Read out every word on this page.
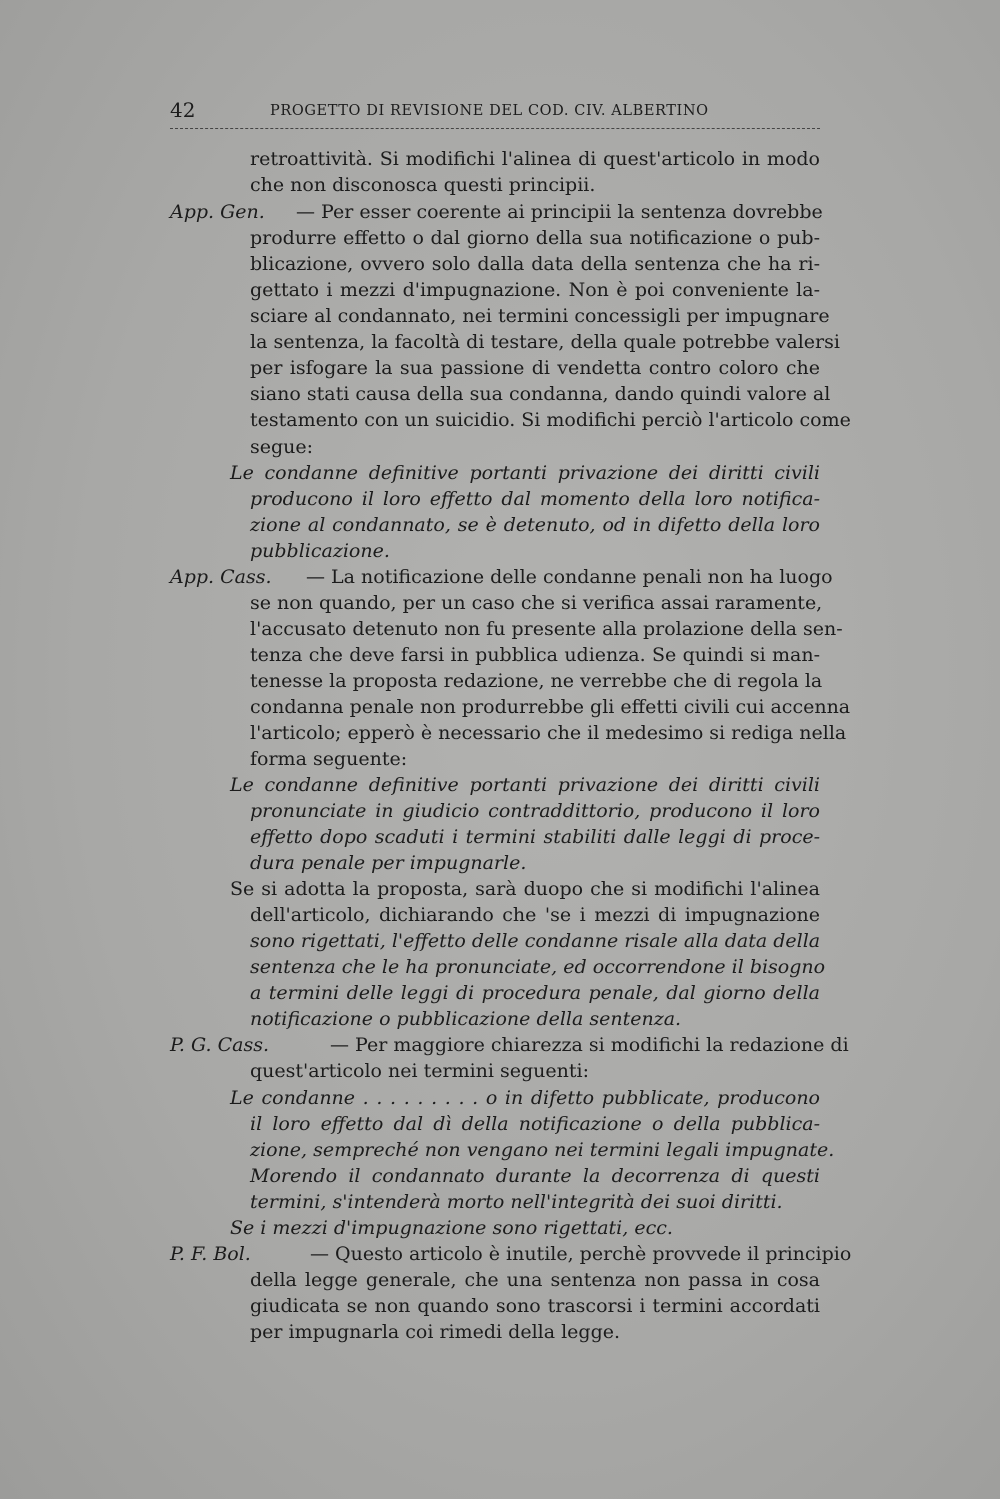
42	PROGETTO DI REVISIONE DEL COD. CIV. ALBERTINO
retroattività. Si modifichi l'alinea di quest'articolo in modo
che non disconosca questi principii.
— Per esser coerente ai principii la sentenza dovrebbe
produrre effetto o dal giorno della sua notificazione o pub-
blicazione, ovvero solo dalla data della sentenza che ha ri-
gettato i mezzi d'impugnazione. Non è poi conveniente la-
sciare al condannato, nei termini concessigli per impugnare
la sentenza, la facoltà di testare, della quale potrebbe valersi
per isfogare la sua passione di vendetta contro coloro che
siano stati causa della sua condanna, dando quindi valore al
testamento con un suicidio. Si modifichi perciò l'articolo come
segue:
Le condanne definitive portanti privazione dei diritti civili
producono il loro effetto dal momento della loro notifica-
zione al condannato, se è detenuto, od in difetto della loro
pubblicazione.
— La notificazione delle condanne penali non ha luogo
se non quando, per un caso che si verifica assai raramente,
l'accusato detenuto non fu presente alla prolazione della sen-
tenza che deve farsi in pubblica udienza. Se quindi si man-
tenesse la proposta redazione, ne verrebbe che di regola la
condanna penale non produrrebbe gli effetti civili cui accenna
l'articolo; epperò è necessario che il medesimo si rediga nella
forma seguente:
Le condanne definitive portanti privazione dei diritti civili
pronunciate in giudicio contraddittorio, producono il loro
effetto dopo scaduti i termini stabiliti dalle leggi di proce-
dura penale per impugnarle.
Se si adotta la proposta, sarà duopo che si modifichi l'alinea
dell'articolo, dichiarando che 'se i mezzi di impugnazione
sono rigettati, l'effetto delle condanne risale alla data della
sentenza che le ha pronunciate, ed occorrendone il bisogno
a termini delle leggi di procedura penale, dal giorno della
notificazione o pubblicazione della sentenza.
— Per maggiore chiarezza si modifichi la redazione di
quest'articolo nei termini seguenti:
Le condanne . . . . . . . . . o in difetto pubblicate, producono
il loro effetto dal dì della notificazione o della pubblica-
zione, sempreché non vengano nei termini legali impugnate.
Morendo il condannato durante la decorrenza di questi
termini, s'intenderà morto nell'integrità dei suoi diritti.
Se i mezzi d'impugnazione sono rigettati, ecc.
— Questo articolo è inutile, perchè provvede il principio
della legge generale, che una sentenza non passa in cosa
giudicata se non quando sono trascorsi i termini accordati
per impugnarla coi rimedi della legge.
App. Gen.
App. Cass.
P. G. Cass.
P. F. Bol.
